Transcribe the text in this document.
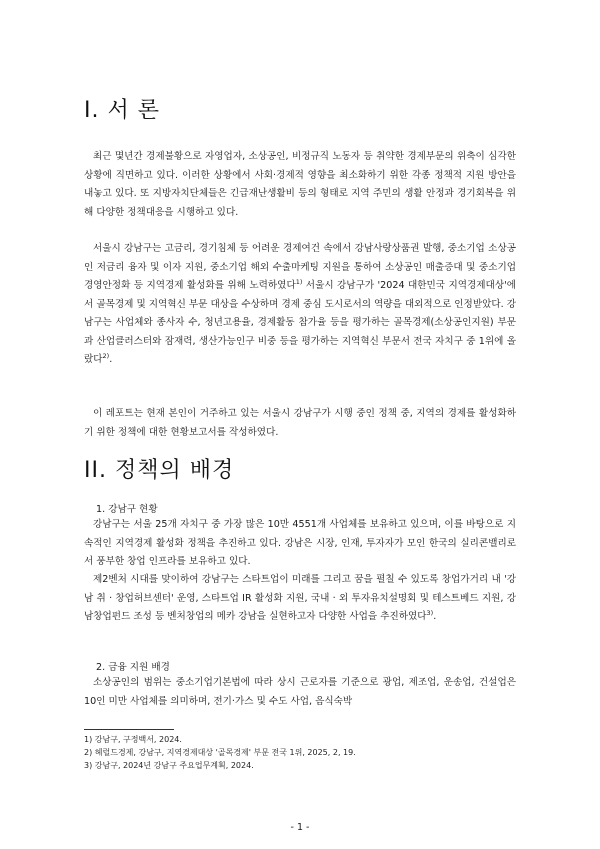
I. 서 론

최근 몇년간 경제불황으로 자영업자, 소상공인, 비정규직 노동자 등 취약한 경제부문의 위축이 심각한 상황에 직면하고 있다. 이러한 상황에서 사회·경제적 영향을 최소화하기 위한 각종 정책적 지원 방안을 내놓고 있다. 또 지방자치단체들은 긴급재난생활비 등의 형태로 지역 주민의 생활 안정과 경기회복을 위해 다양한 정책대응을 시행하고 있다.

서울시 강남구는 고금리, 경기침체 등 어려운 경제여건 속에서 강남사랑상품권 발행, 중소기업 소상공인 저금리 융자 및 이자 지원, 중소기업 해외 수출마케팅 지원을 통하여 소상공인 매출증대 및 중소기업 경영안정화 등 지역경제 활성화를 위해 노력하였다$^{1)}$ 서울시 강남구가 '2024 대한민국 지역경제대상'에서 골목경제 및 지역혁신 부문 대상을 수상하며 경제 중심 도시로서의 역량을 대외적으로 인정받았다. 강남구는 사업체와 종사자 수, 청년고용율, 경제활동 참가율 등을 평가하는 골목경제(소상공인지원) 부문과 산업클러스터와 잠재력, 생산가능인구 비중 등을 평가하는 지역혁신 부문서 전국 자치구 중 1위에 올랐다$^{2)}$.

이 레포트는 현재 본인이 거주하고 있는 서울시 강남구가 시행 중인 정책 중, 지역의 경제를 활성화하기 위한 정책에 대한 현황보고서를 작성하였다.

II. 정책의 배경

1. 강남구 현황

강남구는 서울 25개 자치구 중 가장 많은 10만 4551개 사업체를 보유하고 있으며, 이를 바탕으로 지속적인 지역경제 활성화 정책을 추진하고 있다. 강남은 시장, 인재, 투자자가 모인 한국의 실리콘밸리로서 풍부한 창업 인프라를 보유하고 있다.

제2벤처 시대를 맞이하여 강남구는 스타트업이 미래를 그리고 꿈을 펼칠 수 있도록 창업가거리 내 '강남 취 · 창업허브센터' 운영, 스타트업 IR 활성화 지원, 국내 · 외 투자유치설명회 및 테스트베드 지원, 강남창업펀드 조성 등 벤처창업의 메카 강남을 실현하고자 다양한 사업을 추진하였다$^{3)}$.

2. 금융 지원 배경

소상공인의 범위는 중소기업기본법에 따라 상시 근로자를 기준으로 광업, 제조업, 운송업, 건설업은 10인 미만 사업체를 의미하며, 전기·가스 및 수도 사업, 음식숙박

1) 강남구, 구정백서, 2024.

2) 헤럴드경제, 강남구, 지역경제대상 '골목경제' 부문 전국 1위, 2025, 2, 19.

3) 강남구, 2024년 강남구 주요업무계획, 2024.

- 1 -
